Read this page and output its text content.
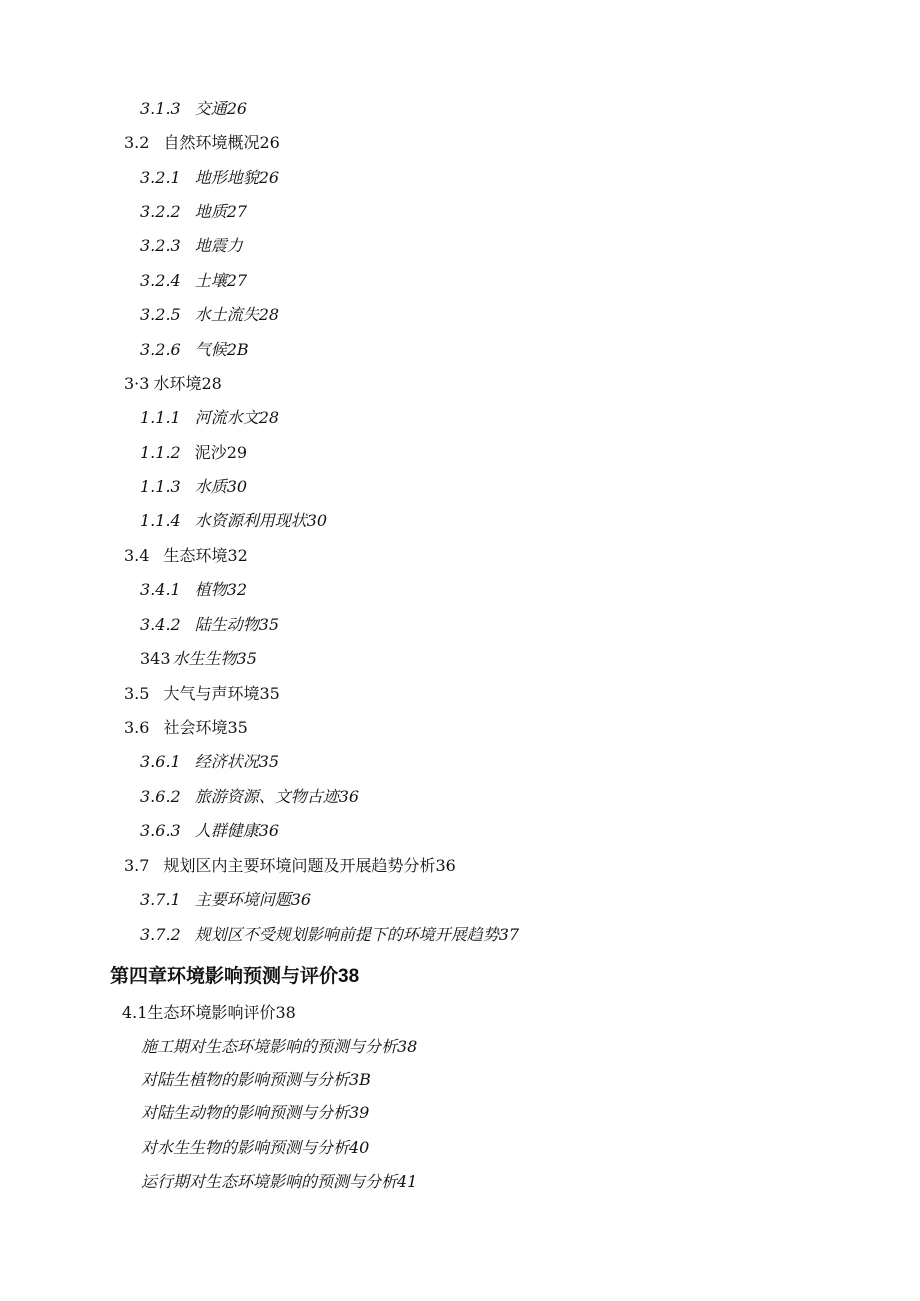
3.1.3 交通26
3.2 自然环境概况26
3.2.1 地形地貌26
3.2.2 地质27
3.2.3 地震力
3.2.4 土壤27
3.2.5 水土流失28
3.2.6 气候2B
3·3 水环境28
1.1.1 河流水文28
1.1.2 泥沙29
1.1.3 水质30
1.1.4 水资源利用现状30
3.4 生态环境32
3.4.1 植物32
3.4.2 陆生动物35
343 水生生物35
3.5 大气与声环境35
3.6 社会环境35
3.6.1 经济状况35
3.6.2 旅游资源、文物古迹36
3.6.3 人群健康36
3.7 规划区内主要环境问题及开展趋势分析36
3.7.1 主要环境问题36
3.7.2 规划区不受规划影响前提下的环境开展趋势37
第四章环境影响预测与评价38
4.1生态环境影响评价38
施工期对生态环境影响的预测与分析38
对陆生植物的影响预测与分析3B
对陆生动物的影响预测与分析39
对水生生物的影响预测与分析40
运行期对生态环境影响的预测与分析41
